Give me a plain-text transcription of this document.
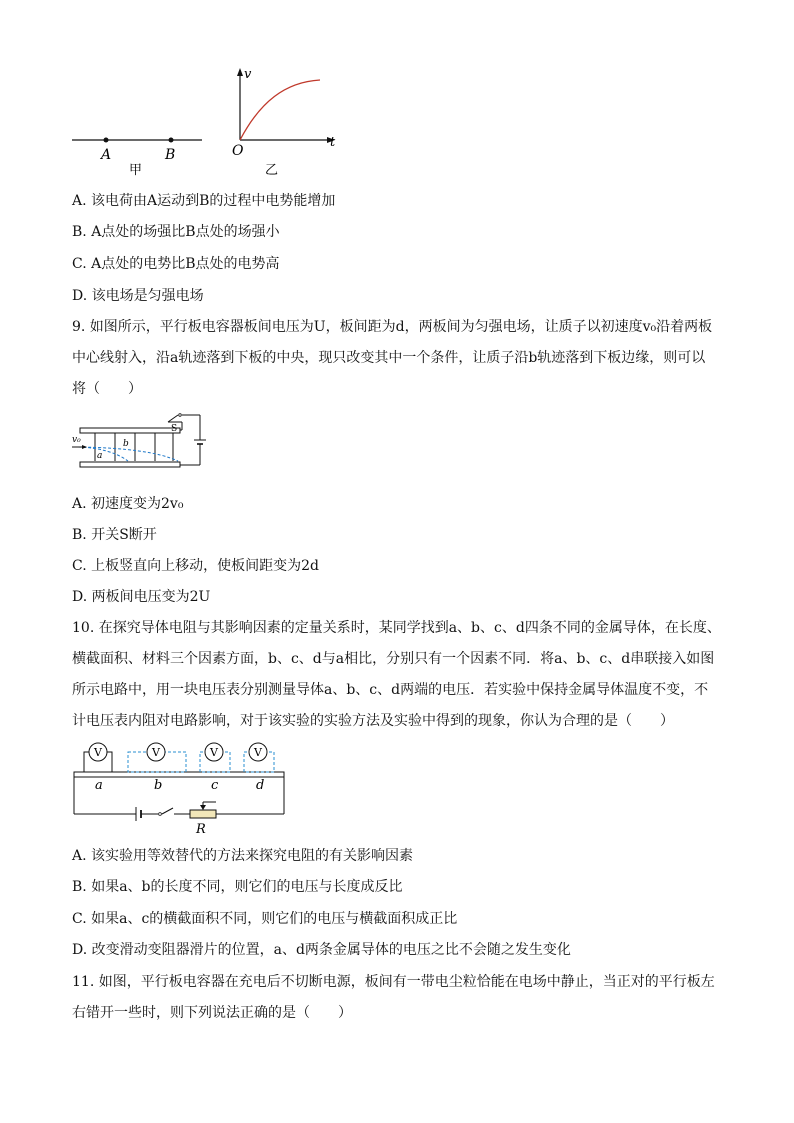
A	B
甲
v
O
t
乙
A. 该电荷由A运动到B的过程中电势能增加
B. A点处的场强比B点处的场强小
C. A点处的电势比B点处的电势高
D. 该电场是匀强电场
9. 如图所示，平行板电容器板间电压为U，板间距为d，两板间为匀强电场，让质子以初速度v₀沿着两板
中心线射入，沿a轨迹落到下板的中央，现只改变其中一个条件，让质子沿b轨迹落到下板边缘，则可以
将（　　）
v₀
a
b
S
A. 初速度变为2v₀
B. 开关S断开
C. 上板竖直向上移动，使板间距变为2d
D. 两板间电压变为2U
10. 在探究导体电阻与其影响因素的定量关系时，某同学找到a、b、c、d四条不同的金属导体，在长度、
横截面积、材料三个因素方面，b、c、d与a相比，分别只有一个因素不同．将a、b、c、d串联接入如图
所示电路中，用一块电压表分别测量导体a、b、c、d两端的电压．若实验中保持金属导体温度不变，不
计电压表内阻对电路影响，对于该实验的实验方法及实验中得到的现象，你认为合理的是（　　）
V	V	V	V
a	b	c	d
R
A. 该实验用等效替代的方法来探究电阻的有关影响因素
B. 如果a、b的长度不同，则它们的电压与长度成反比
C. 如果a、c的横截面积不同，则它们的电压与横截面积成正比
D. 改变滑动变阻器滑片的位置，a、d两条金属导体的电压之比不会随之发生变化
11. 如图，平行板电容器在充电后不切断电源，板间有一带电尘粒恰能在电场中静止，当正对的平行板左
右错开一些时，则下列说法正确的是（　　）
